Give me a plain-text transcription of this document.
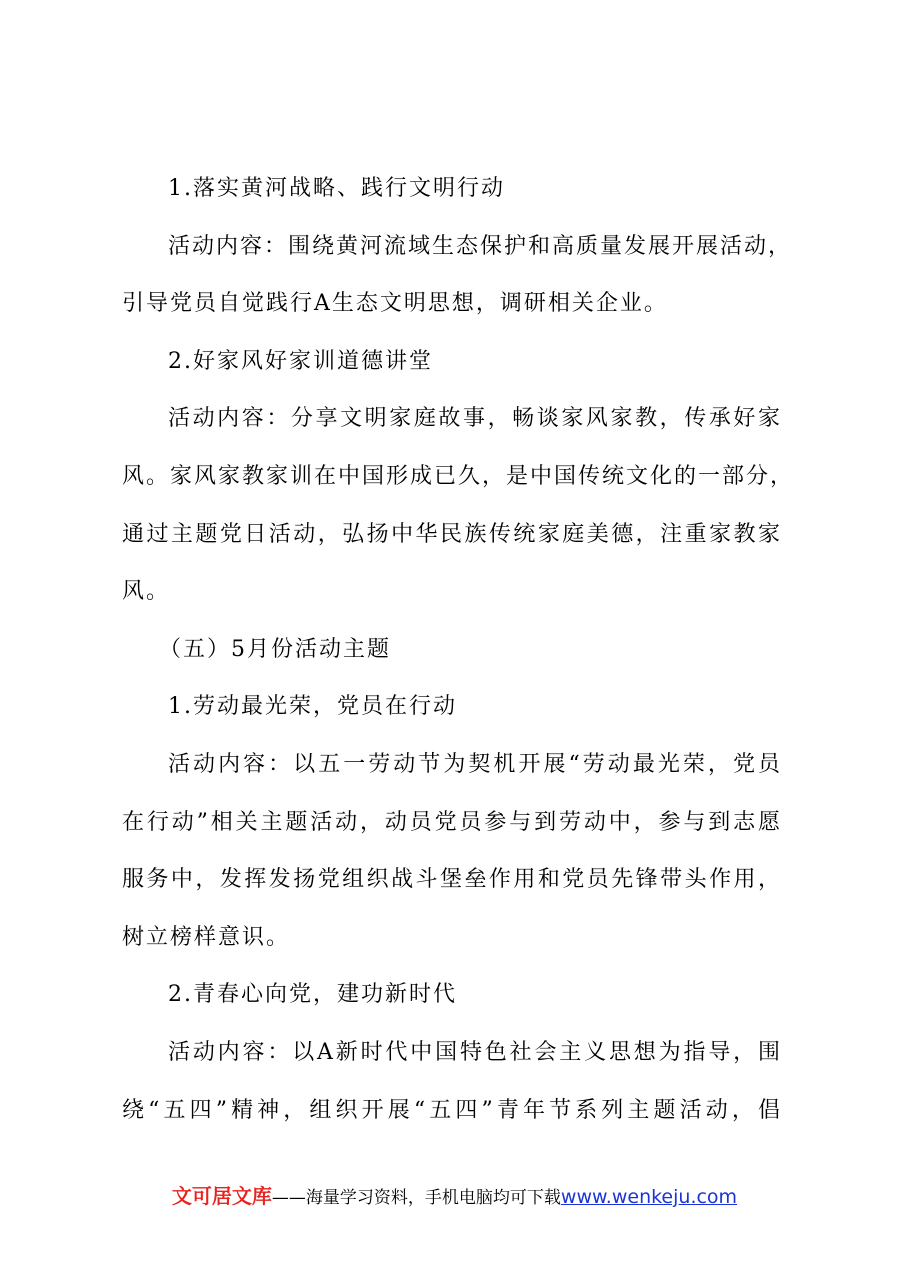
1.落实黄河战略、践行文明行动
活动内容：围绕黄河流域生态保护和高质量发展开展活动，
引导党员自觉践行A生态文明思想，调研相关企业。
2.好家风好家训道德讲堂
活动内容：分享文明家庭故事，畅谈家风家教，传承好家
风。家风家教家训在中国形成已久，是中国传统文化的一部分，
通过主题党日活动，弘扬中华民族传统家庭美德，注重家教家
风。
（五）5月份活动主题
1.劳动最光荣，党员在行动
活动内容：以五一劳动节为契机开展“劳动最光荣，党员
在行动”相关主题活动，动员党员参与到劳动中，参与到志愿
服务中，发挥发扬党组织战斗堡垒作用和党员先锋带头作用，
树立榜样意识。
2.青春心向党，建功新时代
活动内容：以A新时代中国特色社会主义思想为指导，围
绕“五四”精神，组织开展“五四”青年节系列主题活动，倡
文可居文库——海量学习资料，手机电脑均可下载www.wenkeju.com
